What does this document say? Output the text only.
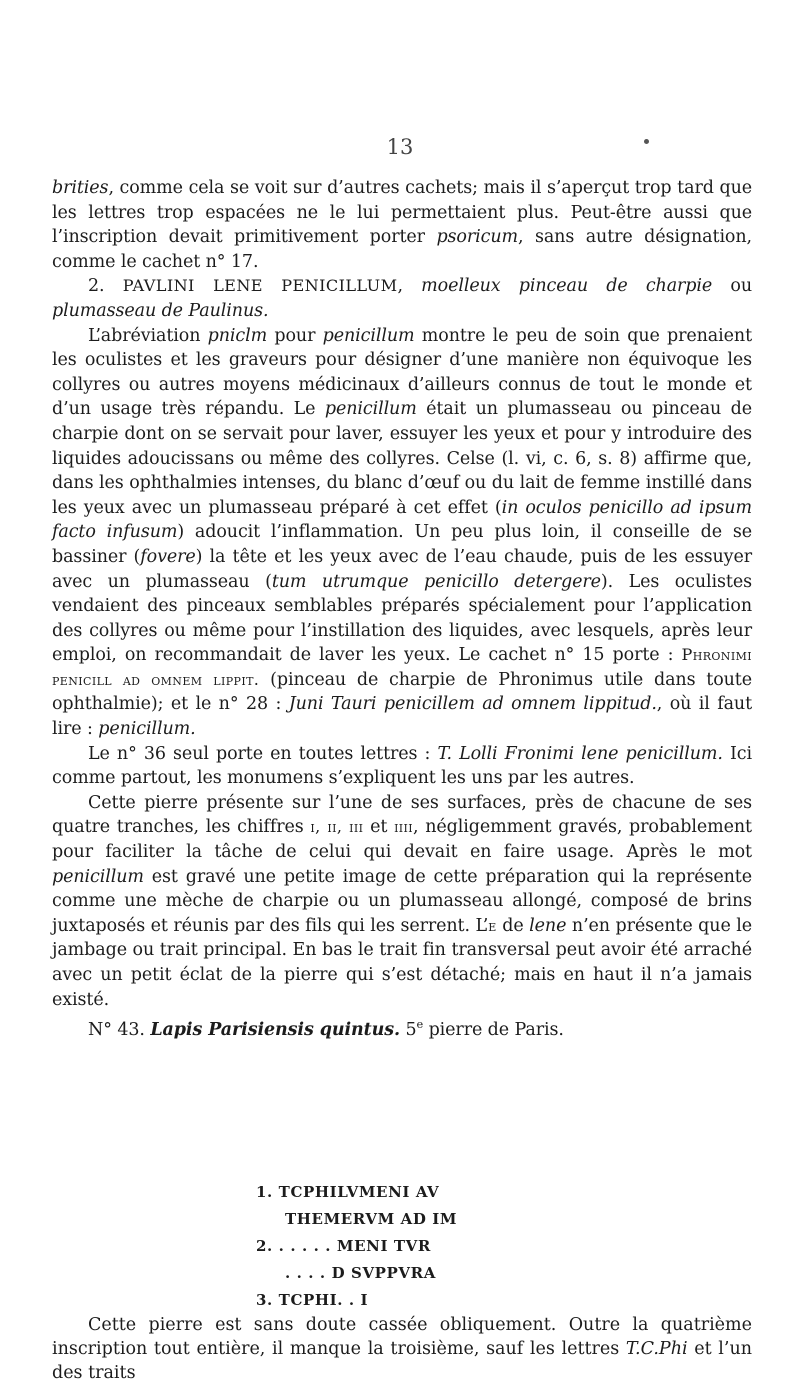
13

brities, comme cela se voit sur d’autres cachets; mais il s’aperçut trop tard que les lettres trop espacées ne le lui permettaient plus. Peut-être aussi que l’inscription devait primitivement porter psoricum, sans autre désignation, comme le cachet n° 17.

2. PAVLINI LENE PENICILLUM, moelleux pinceau de charpie ou plumasseau de Paulinus.

L’abréviation pniclm pour penicillum montre le peu de soin que prenaient les oculistes et les graveurs pour désigner d’une manière non équivoque les collyres ou autres moyens médicinaux d’ailleurs connus de tout le monde et d’un usage très répandu. Le penicillum était un plumasseau ou pinceau de charpie dont on se servait pour laver, essuyer les yeux et pour y introduire des liquides adoucissans ou même des collyres. Celse (l. vi, c. 6, s. 8) affirme que, dans les ophthalmies intenses, du blanc d’œuf ou du lait de femme instillé dans les yeux avec un plumasseau préparé à cet effet (in oculos penicillo ad ipsum facto infusum) adoucit l’inflammation. Un peu plus loin, il conseille de se bassiner (fovere) la tête et les yeux avec de l’eau chaude, puis de les essuyer avec un plumasseau (tum utrumque penicillo detergere). Les oculistes vendaient des pinceaux semblables préparés spécialement pour l’application des collyres ou même pour l’instillation des liquides, avec lesquels, après leur emploi, on recommandait de laver les yeux. Le cachet n° 15 porte : Phronimi penicill ad omnem lippit. (pinceau de charpie de Phronimus utile dans toute ophthalmie); et le n° 28 : Juni Tauri penicillem ad omnem lippitud., où il faut lire : penicillum.

Le n° 36 seul porte en toutes lettres : T. Lolli Fronimi lene penicillum. Ici comme partout, les monumens s’expliquent les uns par les autres.

Cette pierre présente sur l’une de ses surfaces, près de chacune de ses quatre tranches, les chiffres i, ii, iii et iiii, négligemment gravés, probablement pour faciliter la tâche de celui qui devait en faire usage. Après le mot penicillum est gravé une petite image de cette préparation qui la représente comme une mèche de charpie ou un plumasseau allongé, composé de brins juxtaposés et réunis par des fils qui les serrent. L’e de lene n’en présente que le jambage ou trait principal. En bas le trait fin transversal peut avoir été arraché avec un petit éclat de la pierre qui s’est détaché; mais en haut il n’a jamais existé.

N° 43. Lapis Parisiensis quintus. 5e pierre de Paris.

1. TCPHILVMENI AV
THEMERVM AD IM
2. . . . . . MENI TVR
. . . . D SVPPVRA
3. TCPHI. . I

Cette pierre est sans doute cassée obliquement. Outre la quatrième inscription tout entière, il manque la troisième, sauf les lettres T.C.Phi et l’un des traits
